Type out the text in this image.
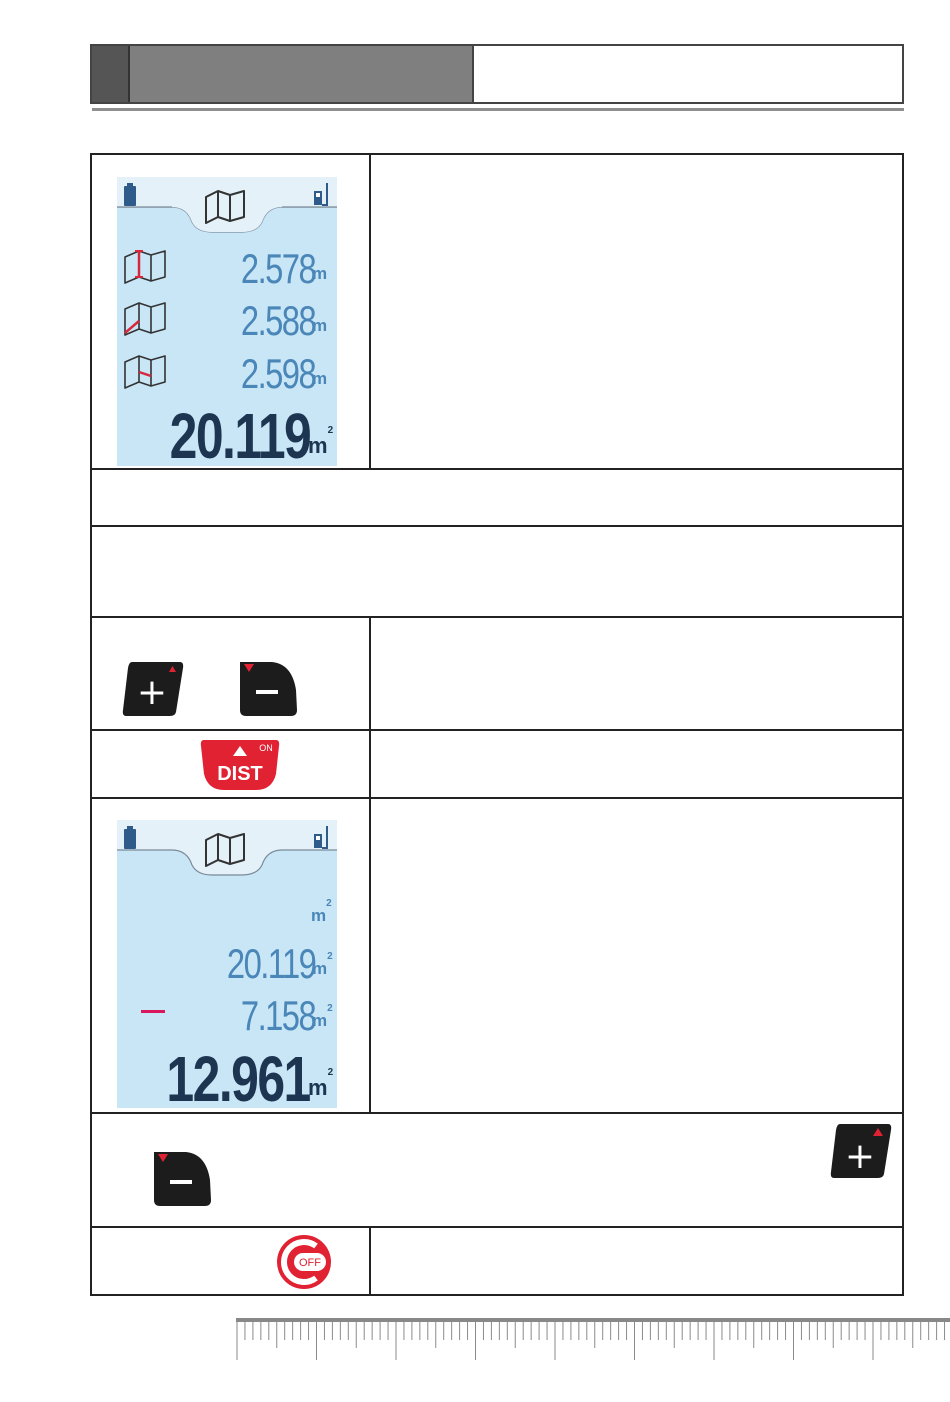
2.578
m
2.588
m
2.598
m
20.119
$m^2$
+
DIST
ON
$m^2$
20.119
$m^2$
7.158
$m^2$
12.961
$m^2$
+
OFF
